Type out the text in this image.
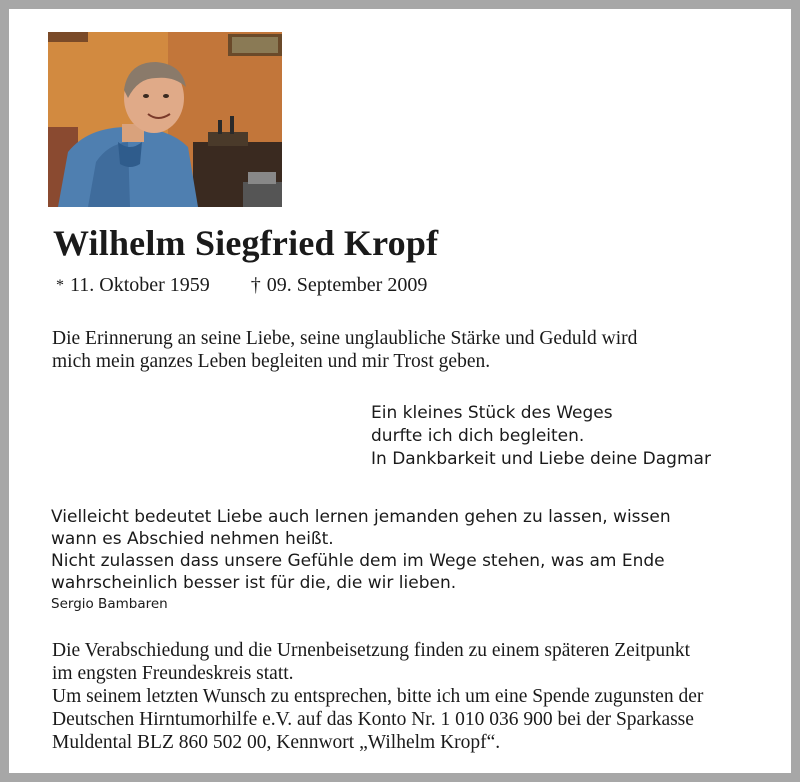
Wilhelm Siegfried Kropf
* 11. Oktober 1959 † 09. September 2009
Die Erinnerung an seine Liebe, seine unglaubliche Stärke und Geduld wird
mich mein ganzes Leben begleiten und mir Trost geben.
Ein kleines Stück des Weges
durfte ich dich begleiten.
In Dankbarkeit und Liebe deine Dagmar
Vielleicht bedeutet Liebe auch lernen jemanden gehen zu lassen, wissen
wann es Abschied nehmen heißt.
Nicht zulassen dass unsere Gefühle dem im Wege stehen, was am Ende
wahrscheinlich besser ist für die, die wir lieben.
Sergio Bambaren
Die Verabschiedung und die Urnenbeisetzung finden zu einem späteren Zeitpunkt
im engsten Freundeskreis statt.
Um seinem letzten Wunsch zu entsprechen, bitte ich um eine Spende zugunsten der
Deutschen Hirntumorhilfe e.V. auf das Konto Nr. 1 010 036 900 bei der Sparkasse
Muldental BLZ 860 502 00, Kennwort „Wilhelm Kropf“.
